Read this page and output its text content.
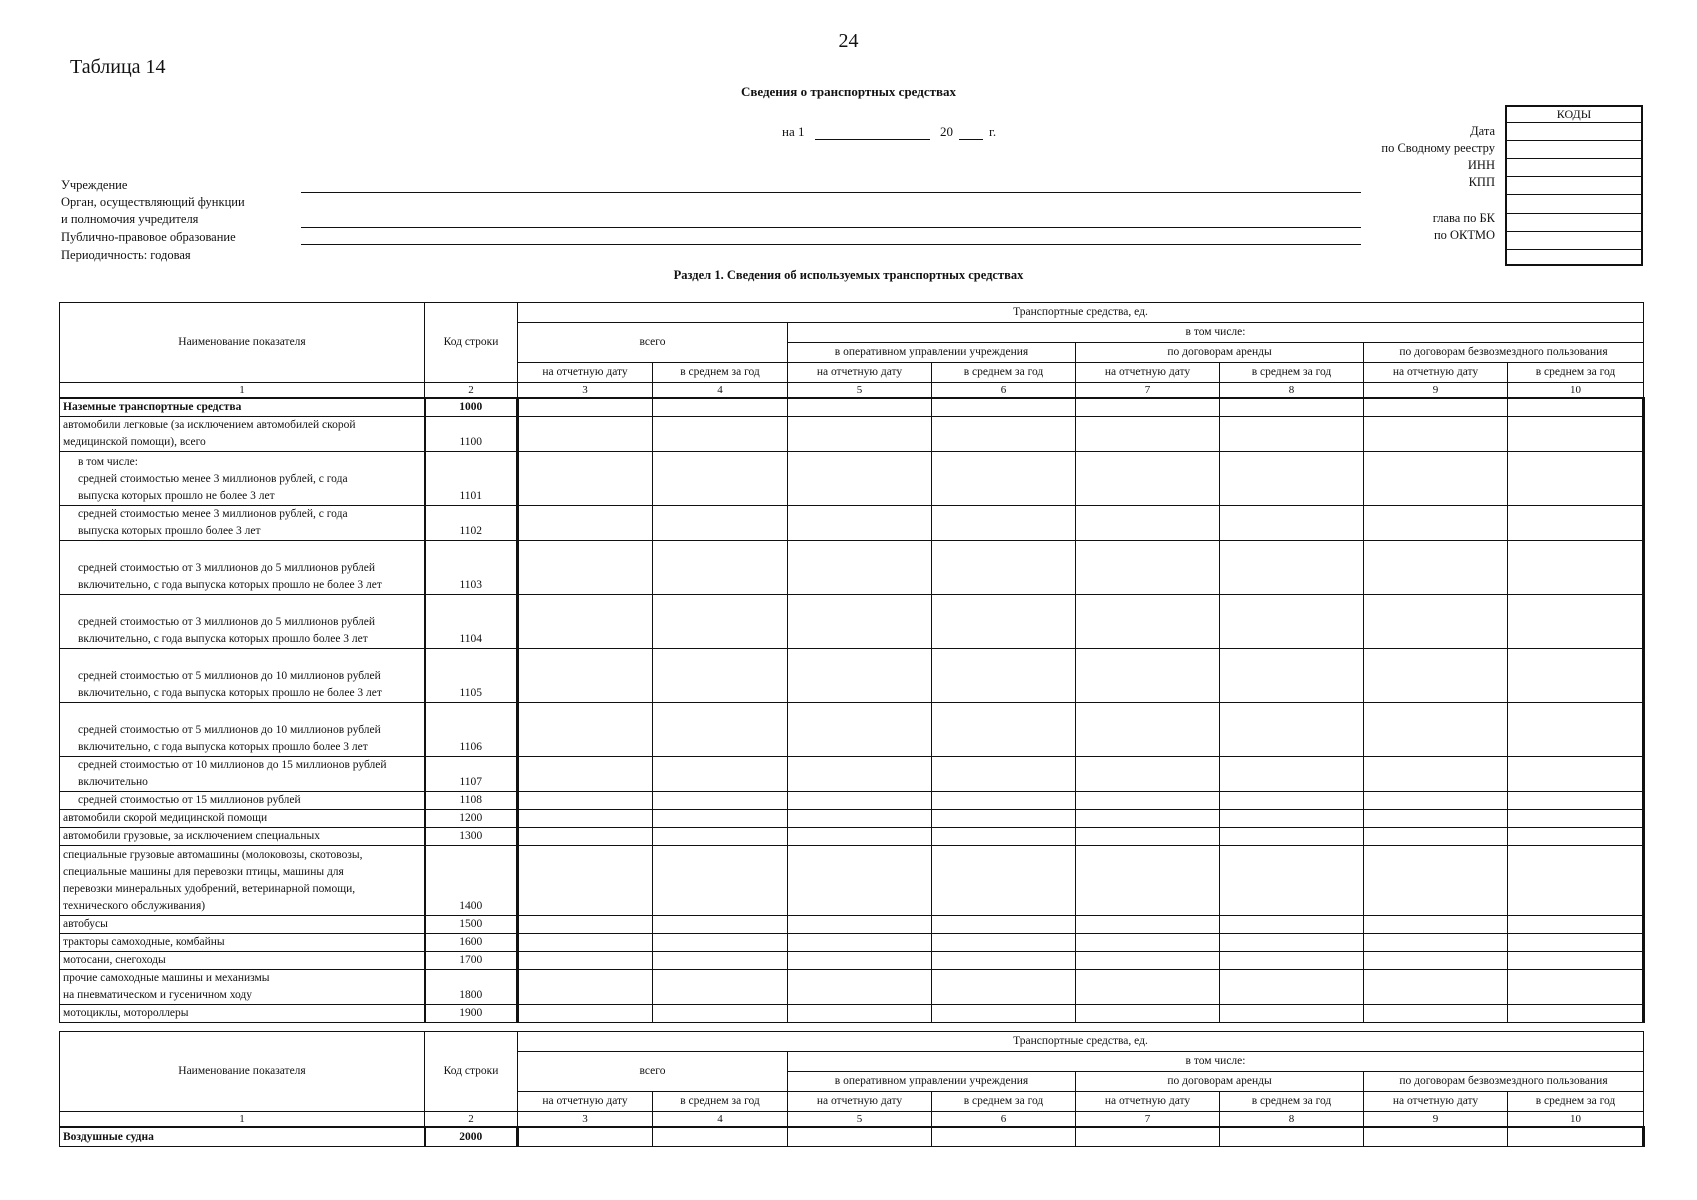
24
Таблица 14
Сведения о транспортных средствах
на 1	20	г.
Учреждение
Орган, осуществляющий функции
и полномочия учредителя
Публично-правовое образование
Периодичность: годовая
Дата
по Сводному реестру
ИНН
КПП
глава по БК
по ОКТМО
КОДЫ
Раздел 1. Сведения об используемых транспортных средствах
Наименование показателя	Код строки	Транспортные средства, ед.							
		всего		в том числе:					
				в оперативном управлении учреждения		по договорам аренды		по договорам безвозмездного пользования	
		на отчетную дату	в среднем за год	на отчетную дату	в среднем за год	на отчетную дату	в среднем за год	на отчетную дату	в среднем за год
1	2	3	4	5	6	7	8	9	10

Наземные транспортные средства	1000								

автомобили легковые (за исключением автомобилей скорой
медицинской помощи), всего	1100								

в том числе:
средней стоимостью менее 3 миллионов рублей, с года
выпуска которых прошло не более 3 лет	1101								

средней стоимостью менее 3 миллионов рублей, с года
выпуска которых прошло более 3 лет	1102								

средней стоимостью от 3 миллионов до 5 миллионов рублей
включительно, с года выпуска которых прошло не более 3 лет	1103								

средней стоимостью от 3 миллионов до 5 миллионов рублей
включительно, с года выпуска которых прошло более 3 лет	1104								

средней стоимостью от 5 миллионов до 10 миллионов рублей
включительно, с года выпуска которых прошло не более 3 лет	1105								

средней стоимостью от 5 миллионов до 10 миллионов рублей
включительно, с года выпуска которых прошло более 3 лет	1106								

средней стоимостью от 10 миллионов до 15 миллионов рублей
включительно	1107								

средней стоимостью от 15 миллионов рублей	1108								

автомобили скорой медицинской помощи	1200								

автомобили грузовые, за исключением специальных	1300								

специальные грузовые автомашины (молоковозы, скотовозы,
специальные машины для перевозки птицы, машины для
перевозки минеральных удобрений, ветеринарной помощи,
технического обслуживания)	1400								

автобусы	1500								

тракторы самоходные, комбайны	1600								

мотосани, снегоходы	1700								

прочие самоходные машины и механизмы
на пневматическом и гусеничном ходу	1800								

мотоциклы, мотороллеры	1900								
Наименование показателя	Код строки	Транспортные средства, ед.							
		всего		в том числе:					
				в оперативном управлении учреждения		по договорам аренды		по договорам безвозмездного пользования	
		на отчетную дату	в среднем за год	на отчетную дату	в среднем за год	на отчетную дату	в среднем за год	на отчетную дату	в среднем за год
1	2	3	4	5	6	7	8	9	10

Воздушные судна	2000								
